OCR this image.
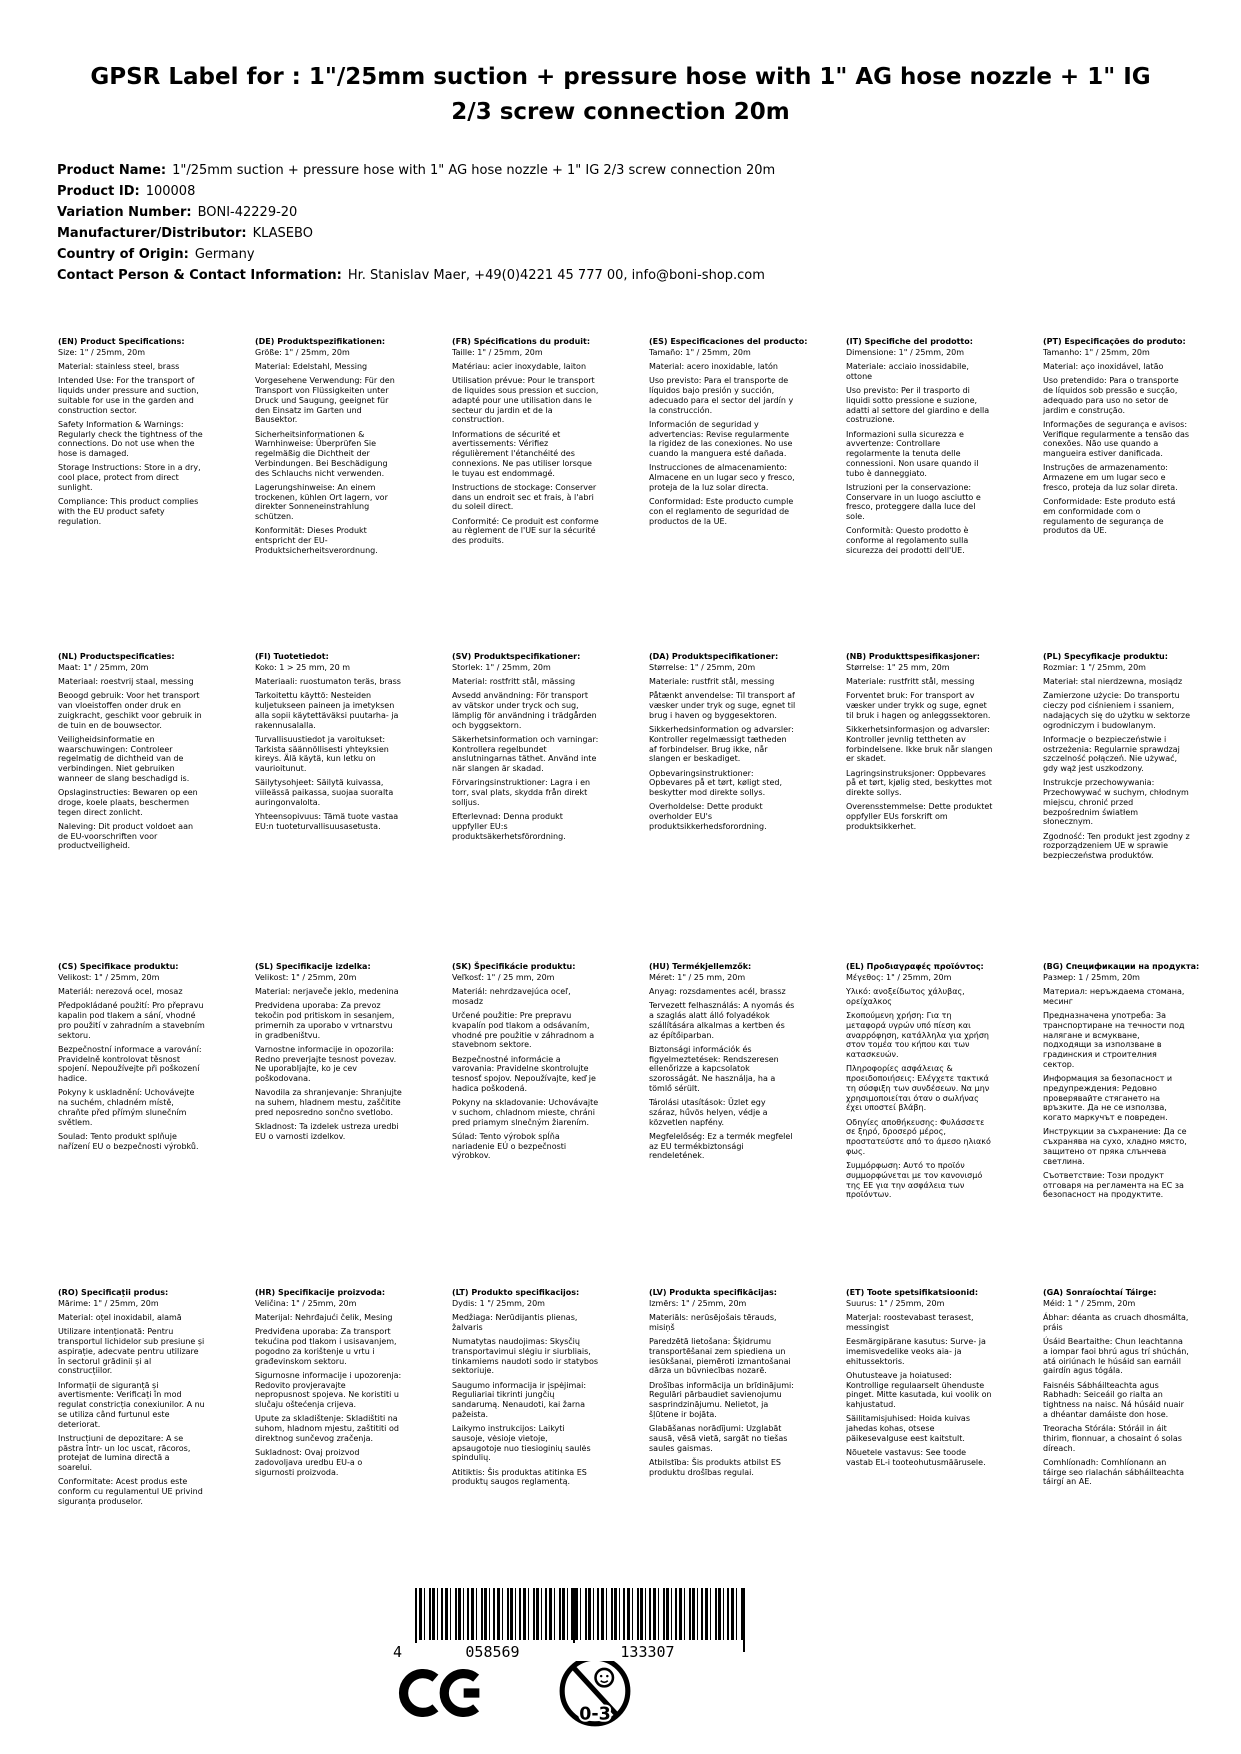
GPSR Label for : 1"/25mm suction + pressure hose with 1" AG hose nozzle + 1" IG 2/3 screw connection 20m
Product Name: 1"/25mm suction + pressure hose with 1" AG hose nozzle + 1" IG 2/3 screw connection 20m
Product ID: 100008
Variation Number: BONI-42229-20
Manufacturer/Distributor: KLASEBO
Country of Origin: Germany
Contact Person & Contact Information: Hr. Stanislav Maer, +49(0)4221 45 777 00, info@boni-shop.com
(EN) Product Specifications:
Size: 1" / 25mm, 20m
Material: stainless steel, brass
Intended Use: For the transport of liquids under pressure and suction, suitable for use in the garden and construction sector.
Safety Information & Warnings: Regularly check the tightness of the connections. Do not use when the hose is damaged.
Storage Instructions: Store in a dry, cool place, protect from direct sunlight.
Compliance: This product complies with the EU product safety regulation.
(DE) Produktspezifikationen:
Größe: 1" / 25mm, 20m
Material: Edelstahl, Messing
Vorgesehene Verwendung: Für den Transport von Flüssigkeiten unter Druck und Saugung, geeignet für den Einsatz im Garten und Bausektor.
Sicherheitsinformationen & Warnhinweise: Überprüfen Sie regelmäßig die Dichtheit der Verbindungen. Bei Beschädigung des Schlauchs nicht verwenden.
Lagerungshinweise: An einem trockenen, kühlen Ort lagern, vor direkter Sonneneinstrahlung schützen.
Konformität: Dieses Produkt entspricht der EU-Produktsicherheitsverordnung.
(FR) Spécifications du produit:
Taille: 1" / 25mm, 20m
Matériau: acier inoxydable, laiton
Utilisation prévue: Pour le transport de liquides sous pression et succion, adapté pour une utilisation dans le secteur du jardin et de la construction.
Informations de sécurité et avertissements: Vérifiez régulièrement l'étanchéité des connexions. Ne pas utiliser lorsque le tuyau est endommagé.
Instructions de stockage: Conserver dans un endroit sec et frais, à l'abri du soleil direct.
Conformité: Ce produit est conforme au règlement de l'UE sur la sécurité des produits.
(ES) Especificaciones del producto:
Tamaño: 1" / 25mm, 20m
Material: acero inoxidable, latón
Uso previsto: Para el transporte de líquidos bajo presión y succión, adecuado para el sector del jardín y la construcción.
Información de seguridad y advertencias: Revise regularmente la rigidez de las conexiones. No use cuando la manguera esté dañada.
Instrucciones de almacenamiento: Almacene en un lugar seco y fresco, proteja de la luz solar directa.
Conformidad: Este producto cumple con el reglamento de seguridad de productos de la UE.
(IT) Specifiche del prodotto:
Dimensione: 1" / 25mm, 20m
Materiale: acciaio inossidabile, ottone
Uso previsto: Per il trasporto di liquidi sotto pressione e suzione, adatti al settore del giardino e della costruzione.
Informazioni sulla sicurezza e avvertenze: Controllare regolarmente la tenuta delle connessioni. Non usare quando il tubo è danneggiato.
Istruzioni per la conservazione: Conservare in un luogo asciutto e fresco, proteggere dalla luce del sole.
Conformità: Questo prodotto è conforme al regolamento sulla sicurezza dei prodotti dell'UE.
(PT) Especificações do produto:
Tamanho: 1" / 25mm, 20m
Material: aço inoxidável, latão
Uso pretendido: Para o transporte de líquidos sob pressão e sucção, adequado para uso no setor de jardim e construção.
Informações de segurança e avisos: Verifique regularmente a tensão das conexões. Não use quando a mangueira estiver danificada.
Instruções de armazenamento: Armazene em um lugar seco e fresco, proteja da luz solar direta.
Conformidade: Este produto está em conformidade com o regulamento de segurança de produtos da UE.
(NL) Productspecificaties:
Maat: 1" / 25mm, 20m
Materiaal: roestvrij staal, messing
Beoogd gebruik: Voor het transport van vloeistoffen onder druk en zuigkracht, geschikt voor gebruik in de tuin en de bouwsector.
Veiligheidsinformatie en waarschuwingen: Controleer regelmatig de dichtheid van de verbindingen. Niet gebruiken wanneer de slang beschadigd is.
Opslaginstructies: Bewaren op een droge, koele plaats, beschermen tegen direct zonlicht.
Naleving: Dit product voldoet aan de EU-voorschriften voor productveiligheid.
(FI) Tuotetiedot:
Koko: 1 > 25 mm, 20 m
Materiaali: ruostumaton teräs, brass
Tarkoitettu käyttö: Nesteiden kuljetukseen paineen ja imetyksen alla sopii käytettäväksi puutarha- ja rakennusalalla.
Turvallisuustiedot ja varoitukset: Tarkista säännöllisesti yhteyksien kireys. Älä käytä, kun letku on vaurioitunut.
Säilytysohjeet: Säilytä kuivassa, viileässä paikassa, suojaa suoralta auringonvalolta.
Yhteensopivuus: Tämä tuote vastaa EU:n tuoteturvallisuusasetusta.
(SV) Produktspecifikationer:
Storlek: 1" / 25mm, 20m
Material: rostfritt stål, mässing
Avsedd användning: För transport av vätskor under tryck och sug, lämplig för användning i trädgården och byggsektorn.
Säkerhetsinformation och varningar: Kontrollera regelbundet anslutningarnas täthet. Använd inte när slangen är skadad.
Förvaringsinstruktioner: Lagra i en torr, sval plats, skydda från direkt solljus.
Efterlevnad: Denna produkt uppfyller EU:s produktsäkerhetsförordning.
(DA) Produktspecifikationer:
Størrelse: 1" / 25mm, 20m
Materiale: rustfrit stål, messing
Påtænkt anvendelse: Til transport af væsker under tryk og suge, egnet til brug i haven og byggesektoren.
Sikkerhedsinformation og advarsler: Kontroller regelmæssigt tætheden af forbindelser. Brug ikke, når slangen er beskadiget.
Opbevaringsinstruktioner: Opbevares på et tørt, køligt sted, beskytter mod direkte sollys.
Overholdelse: Dette produkt overholder EU's produktsikkerhedsforordning.
(NB) Produkttspesifikasjoner:
Størrelse: 1" 25 mm, 20m
Materiale: rustfritt stål, messing
Forventet bruk: For transport av væsker under trykk og suge, egnet til bruk i hagen og anleggssektoren.
Sikkerhetsinformasjon og advarsler: Kontroller jevnlig tettheten av forbindelsene. Ikke bruk når slangen er skadet.
Lagringsinstruksjoner: Oppbevares på et tørt, kjølig sted, beskyttes mot direkte sollys.
Overensstemmelse: Dette produktet oppfyller EUs forskrift om produktsikkerhet.
(PL) Specyfikacje produktu:
Rozmiar: 1 "/ 25mm, 20m
Materiał: stal nierdzewna, mosiądz
Zamierzone użycie: Do transportu cieczy pod ciśnieniem i ssaniem, nadających się do użytku w sektorze ogrodniczym i budowlanym.
Informacje o bezpieczeństwie i ostrzeżenia: Regularnie sprawdzaj szczelność połączeń. Nie używać, gdy wąż jest uszkodzony.
Instrukcje przechowywania: Przechowywać w suchym, chłodnym miejscu, chronić przed bezpośrednim światłem słonecznym.
Zgodność: Ten produkt jest zgodny z rozporządzeniem UE w sprawie bezpieczeństwa produktów.
(CS) Specifikace produktu:
Velikost: 1" / 25mm, 20m
Materiál: nerezová ocel, mosaz
Předpokládané použití: Pro přepravu kapalin pod tlakem a sání, vhodné pro použití v zahradním a stavebním sektoru.
Bezpečnostní informace a varování: Pravidelně kontrolovat těsnost spojení. Nepoužívejte při poškození hadice.
Pokyny k uskladnění: Uchovávejte na suchém, chladném místě, chraňte před přímým slunečním světlem.
Soulad: Tento produkt splňuje nařízení EU o bezpečnosti výrobků.
(SL) Specifikacije izdelka:
Velikost: 1" / 25mm, 20m
Material: nerjaveče jeklo, medenina
Predvidena uporaba: Za prevoz tekočin pod pritiskom in sesanjem, primernih za uporabo v vrtnarstvu in gradbeništvu.
Varnostne informacije in opozorila: Redno preverjajte tesnost povezav. Ne uporabljajte, ko je cev poškodovana.
Navodila za shranjevanje: Shranjujte na suhem, hladnem mestu, zaščitite pred neposredno sončno svetlobo.
Skladnost: Ta izdelek ustreza uredbi EU o varnosti izdelkov.
(SK) Špecifikácie produktu:
Veľkosť: 1" / 25 mm, 20m
Materiál: nehrdzavejúca oceľ, mosadz
Určené použitie: Pre prepravu kvapalín pod tlakom a odsávaním, vhodné pre použitie v záhradnom a stavebnom sektore.
Bezpečnostné informácie a varovania: Pravidelne skontrolujte tesnosť spojov. Nepoužívajte, keď je hadica poškodená.
Pokyny na skladovanie: Uchovávajte v suchom, chladnom mieste, chráni pred priamym slnečným žiarením.
Súlad: Tento výrobok spĺňa nariadenie EÚ o bezpečnosti výrobkov.
(HU) Termékjellemzők:
Méret: 1" / 25 mm, 20m
Anyag: rozsdamentes acél, brassz
Tervezett felhasználás: A nyomás és a szaglás alatt álló folyadékok szállítására alkalmas a kertben és az építőiparban.
Biztonsági információk és figyelmeztetések: Rendszeresen ellenőrizze a kapcsolatok szorosságát. Ne használja, ha a tömlő sérült.
Tárolási utasítások: Üzlet egy száraz, hűvös helyen, védje a közvetlen napfény.
Megfelelőség: Ez a termék megfelel az EU termékbiztonsági rendeletének.
(EL) Προδιαγραφές προϊόντος:
Μέγεθος: 1" / 25mm, 20m
Υλικό: ανοξείδωτος χάλυβας, ορείχαλκος
Σκοπούμενη χρήση: Για τη μεταφορά υγρών υπό πίεση και αναρρόφηση, κατάλληλα για χρήση στον τομέα του κήπου και των κατασκευών.
Πληροφορίες ασφάλειας & προειδοποιήσεις: Ελέγχετε τακτικά τη σύσφιξη των συνδέσεων. Να μην χρησιμοποιείται όταν ο σωλήνας έχει υποστεί βλάβη.
Οδηγίες αποθήκευσης: Φυλάσσετε σε ξηρό, δροσερό μέρος, προστατεύστε από το άμεσο ηλιακό φως.
Συμμόρφωση: Αυτό το προϊόν συμμορφώνεται με τον κανονισμό της ΕΕ για την ασφάλεια των προϊόντων.
(BG) Спецификации на продукта:
Размер: 1 / 25mm, 20m
Материал: неръждаема стомана, месинг
Предназначена употреба: За транспортиране на течности под налягане и всмукване, подходящи за използване в градинския и строителния сектор.
Информация за безопасност и предупреждения: Редовно проверявайте стягането на връзките. Да не се използва, когато маркучът е повреден.
Инструкции за съхранение: Да се съхранява на сухо, хладно място, защитено от пряка слънчева светлина.
Съответствие: Този продукт отговаря на регламента на ЕС за безопасност на продуктите.
(RO) Specificații produs:
Mărime: 1" / 25mm, 20m
Material: oțel inoxidabil, alamă
Utilizare intenționată: Pentru transportul lichidelor sub presiune și aspirație, adecvate pentru utilizare în sectorul grădinii și al construcțiilor.
Informații de siguranță și avertismente: Verificați în mod regulat constricția conexiunilor. A nu se utiliza când furtunul este deteriorat.
Instrucțiuni de depozitare: A se păstra într- un loc uscat, răcoros, protejat de lumina directă a soarelui.
Conformitate: Acest produs este conform cu regulamentul UE privind siguranța produselor.
(HR) Specifikacije proizvoda:
Veličina: 1" / 25mm, 20m
Materijal: Nehrđajući čelik, Mesing
Predviđena uporaba: Za transport tekućina pod tlakom i usisavanjem, pogodno za korištenje u vrtu i građevinskom sektoru.
Sigurnosne informacije i upozorenja: Redovito provjeravajte nepropusnost spojeva. Ne koristiti u slučaju oštećenja crijeva.
Upute za skladištenje: Skladištiti na suhom, hladnom mjestu, zaštititi od direktnog sunčevog zračenja.
Sukladnost: Ovaj proizvod zadovoljava uredbu EU-a o sigurnosti proizvoda.
(LT) Produkto specifikacijos:
Dydis: 1 "/ 25mm, 20m
Medžiaga: Nerūdijantis plienas, žalvaris
Numatytas naudojimas: Skysčių transportavimui slėgiu ir siurbliais, tinkamiems naudoti sodo ir statybos sektoriuje.
Saugumo informacija ir įspėjimai: Reguliariai tikrinti jungčių sandarumą. Nenaudoti, kai žarna pažeista.
Laikymo instrukcijos: Laikyti sausoje, vėsioje vietoje, apsaugotoje nuo tiesioginių saulės spindulių.
Atitiktis: Šis produktas atitinka ES produktų saugos reglamentą.
(LV) Produkta specifikācijas:
Izmērs: 1" / 25mm, 20m
Materiāls: nerūsējošais tērauds, misiņš
Paredzētā lietošana: Šķidrumu transportēšanai zem spiediena un iesūkšanai, piemēroti izmantošanai dārza un būvniecības nozarē.
Drošības informācija un brīdinājumi: Regulāri pārbaudiet savienojumu sasprindzinājumu. Nelietot, ja šļūtene ir bojāta.
Glabāšanas norādījumi: Uzglabāt sausā, vēsā vietā, sargāt no tiešas saules gaismas.
Atbilstība: Šis produkts atbilst ES produktu drošības regulai.
(ET) Toote spetsifikatsioonid:
Suurus: 1" / 25mm, 20m
Materjal: roostevabast terasest, messingist
Eesmärgipärane kasutus: Surve- ja imemisvedelike veoks aia- ja ehitussektoris.
Ohutusteave ja hoiatused: Kontrollige regulaarselt ühenduste pinget. Mitte kasutada, kui voolik on kahjustatud.
Säilitamisjuhised: Hoida kuivas jahedas kohas, otsese päikesevalguse eest kaitstult.
Nõuetele vastavus: See toode vastab EL-i tooteohutusmäärusele.
(GA) Sonraíochtaí Táirge:
Méid: 1 " / 25mm, 20m
Ábhar: déanta as cruach dhosmálta, práis
Úsáid Beartaithe: Chun leachtanna a iompar faoi bhrú agus trí shúchán, atá oiriúnach le húsáid san earnáil gairdín agus tógála.
Faisnéis Sábháilteachta agus Rabhadh: Seiceáil go rialta an tightness na naisc. Ná húsáid nuair a dhéantar damáiste don hose.
Treoracha Stórála: Stóráil in áit thirim, fionnuar, a chosaint ó solas díreach.
Comhlíonadh: Comhlíonann an táirge seo rialachán sábháilteachta táirgí an AE.
4	058569	133307
0-3
